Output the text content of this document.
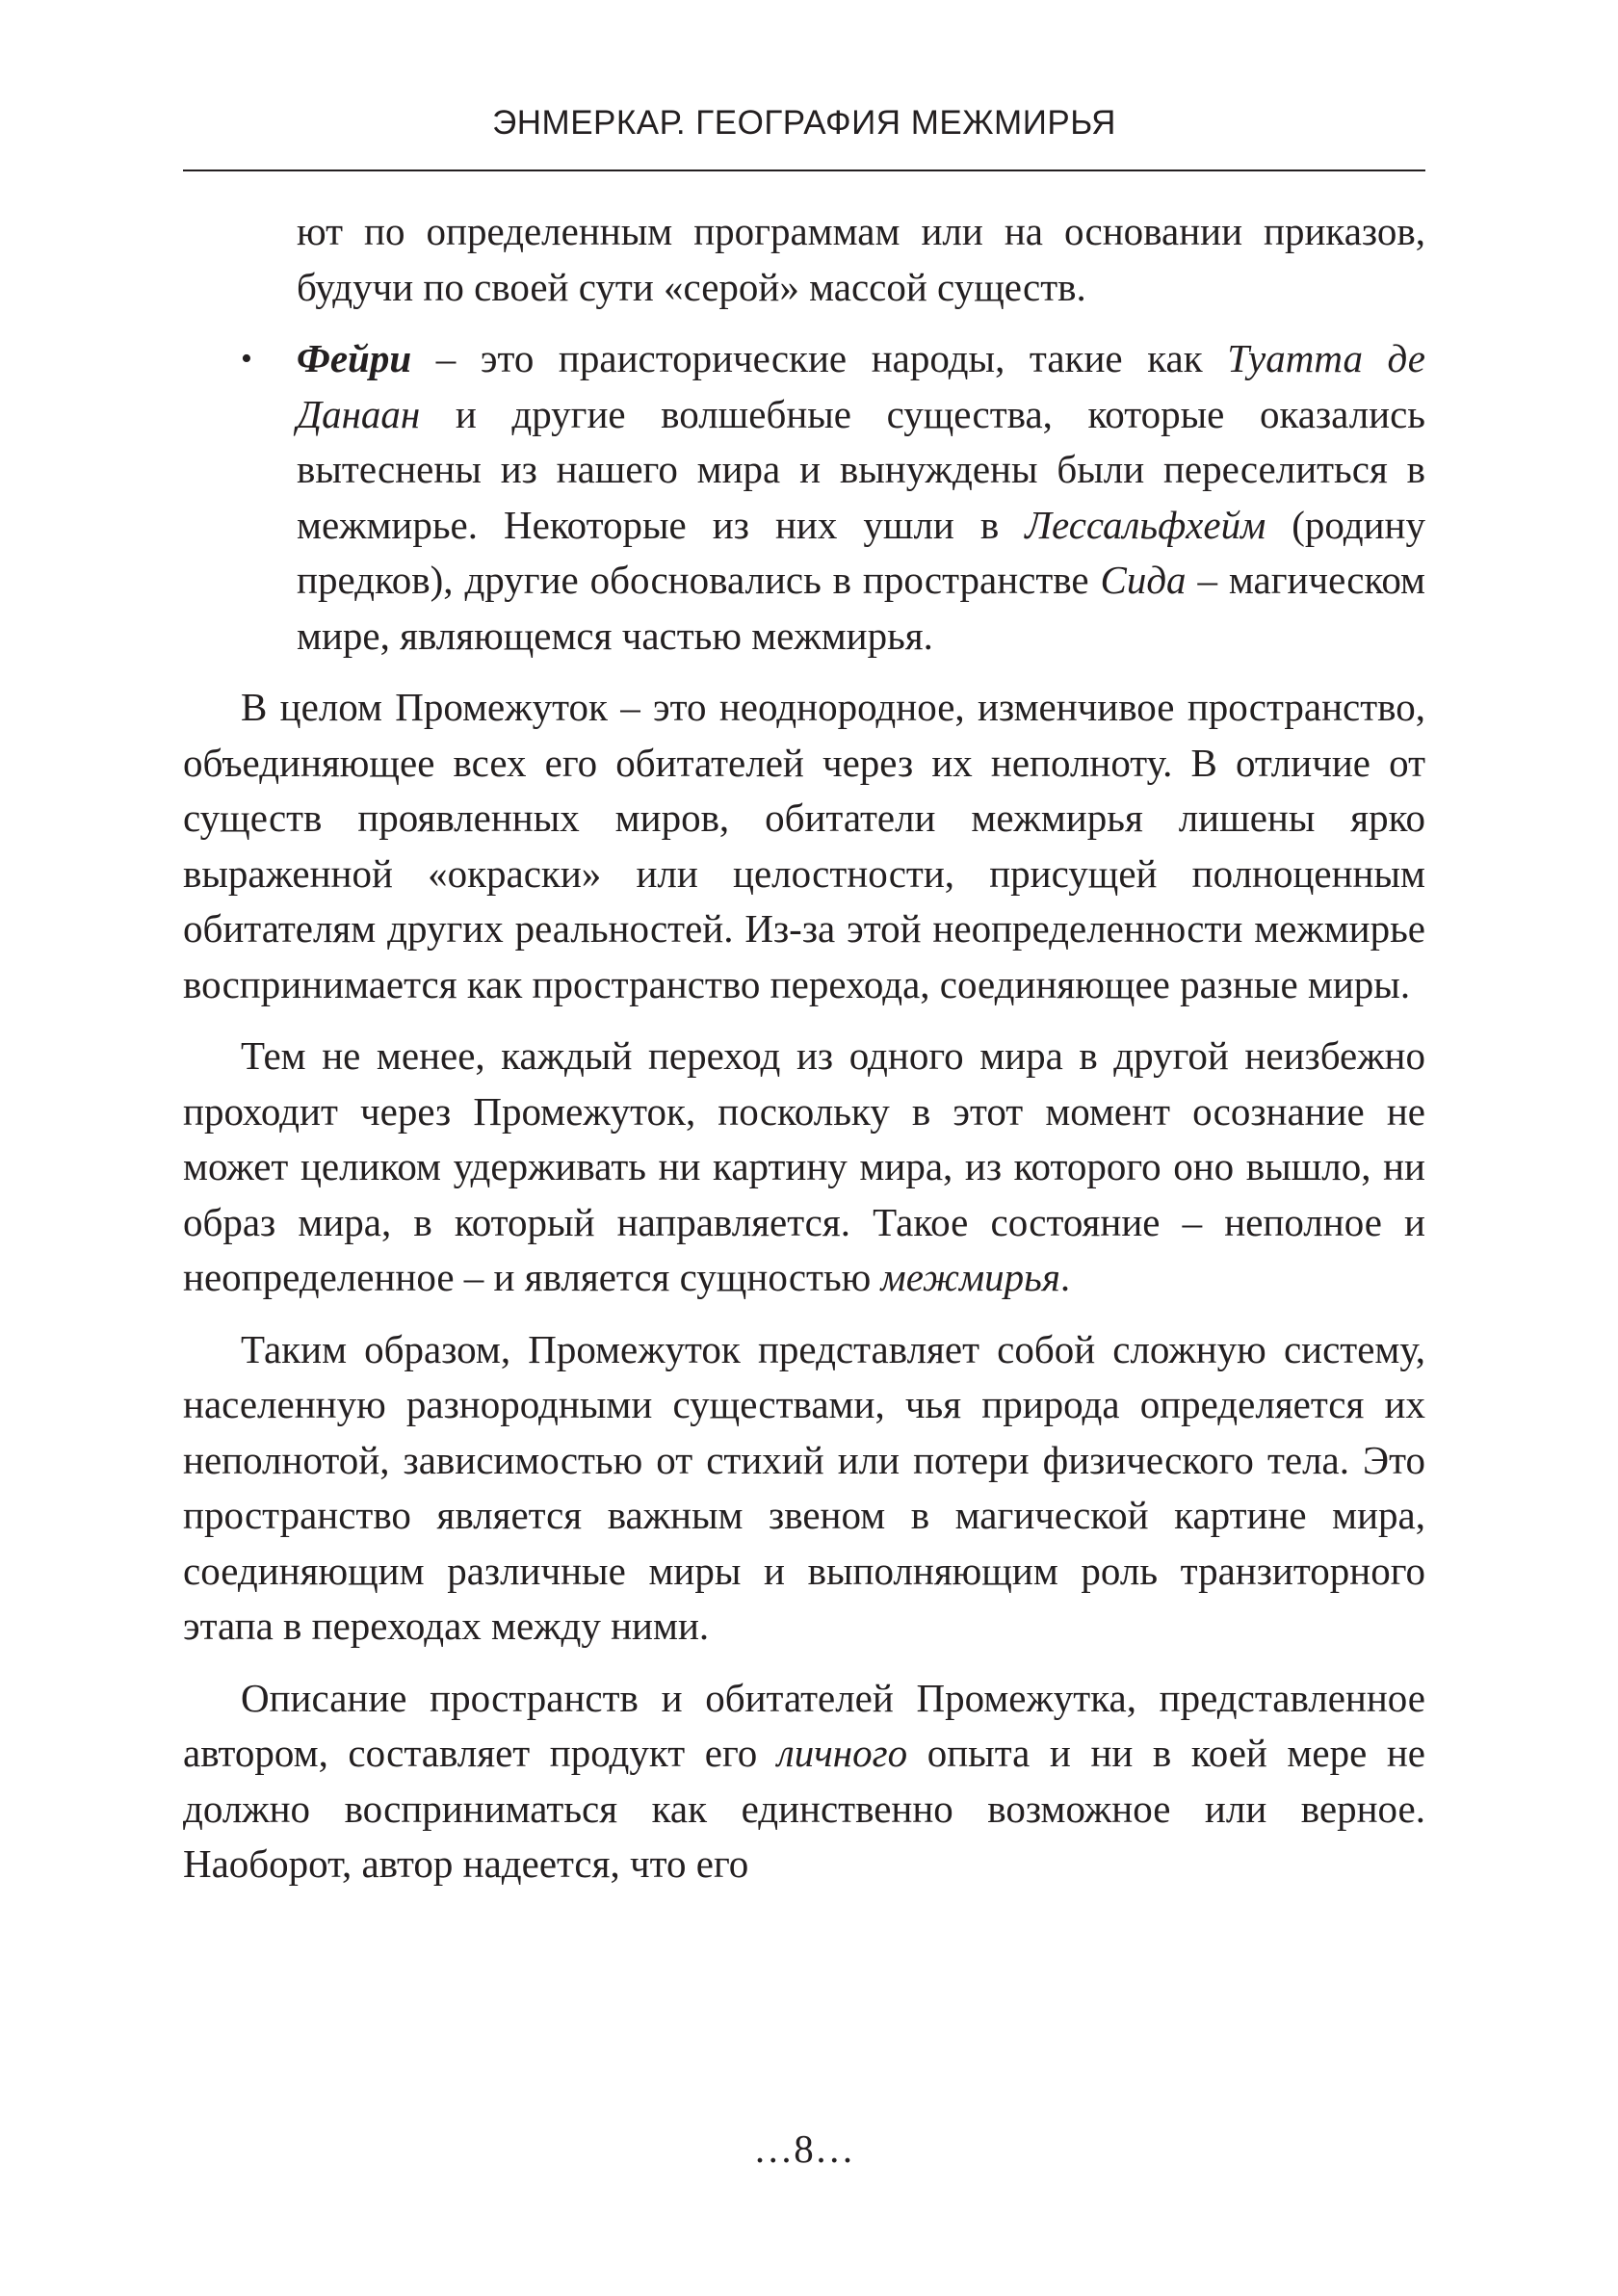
ЭНМЕРКАР. ГЕОГРАФИЯ МЕЖМИРЬЯ

ют по определенным программам или на основании приказов, будучи по своей сути «серой» массой существ.

• Фейри – это праисторические народы, такие как Туатта де Данаан и другие волшебные существа, которые оказались вытеснены из нашего мира и вынуждены были переселиться в межмирье. Некоторые из них ушли в Лессальфхейм (родину предков), другие обосновались в пространстве Сида – магическом мире, являющемся частью межмирья.

В целом Промежуток – это неоднородное, изменчивое пространство, объединяющее всех его обитателей через их неполноту. В отличие от существ проявленных миров, обитатели межмирья лишены ярко выраженной «окраски» или целостности, присущей полноценным обитателям других реальностей. Из-за этой неопределенности межмирье воспринимается как пространство перехода, соединяющее разные миры.

Тем не менее, каждый переход из одного мира в другой неизбежно проходит через Промежуток, поскольку в этот момент осознание не может целиком удерживать ни картину мира, из которого оно вышло, ни образ мира, в который направляется. Такое состояние – неполное и неопределенное – и является сущностью межмирья.

Таким образом, Промежуток представляет собой сложную систему, населенную разнородными существами, чья природа определяется их неполнотой, зависимостью от стихий или потери физического тела. Это пространство является важным звеном в магической картине мира, соединяющим различные миры и выполняющим роль транзиторного этапа в переходах между ними.

Описание пространств и обитателей Промежутка, представленное автором, составляет продукт его личного опыта и ни в коей мере не должно восприниматься как единственно возможное или верное. Наоборот, автор надеется, что его

…8…
